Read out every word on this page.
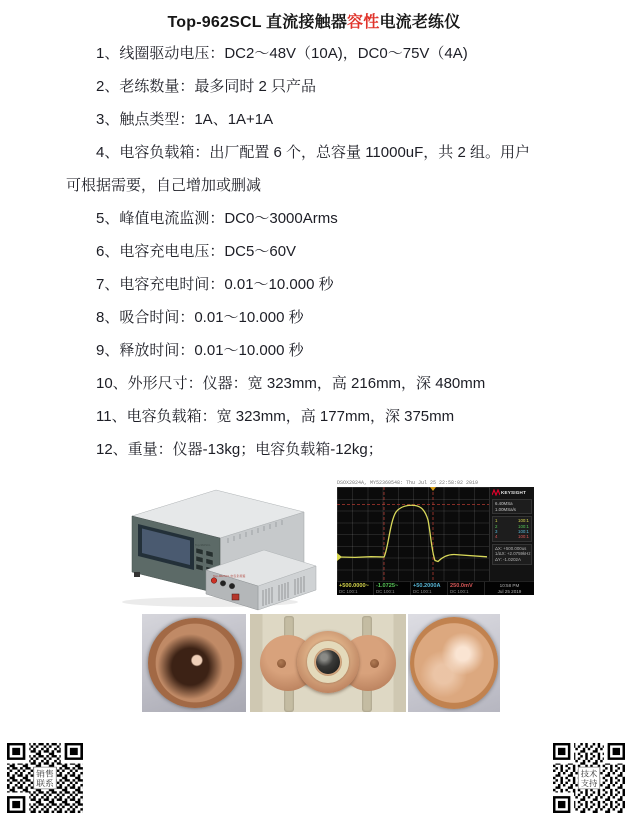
Top-962SCL 直流接触器容性电流老练仪

1、线圈驱动电压：DC2～48V（10A)，DC0～75V（4A)

2、老练数量：最多同时 2 只产品

3、触点类型：1A、1A+1A

4、电容负载箱：出厂配置 6 个，总容量 11000uF，共 2 组。用户

可根据需要，自己增加或删减

5、峰值电流监测：DC0～3000Arms

6、电容充电电压：DC5～60V

7、电容充电时间：0.01～10.000 秒

8、吸合时间：0.01～10.000 秒

9、释放时间：0.01～10.000 秒

10、外形尺寸：仪器：宽 323mm，高 216mm，深 480mm

11、电容负载箱：宽 323mm，高 177mm，深 375mm

12、重量：仪器-13kg；电容负载箱-12kg；

Top-962SCL
Top-962SCL 电容负载箱
DSOX2024A, MY52360548: Thu Jul 25 22:58:02 2019
KEYSIGHT
6.40MSa
1.00MSa/s
1	100:1
2	100:1
3	100:1
4	100:1
ΔX: +500.000us
1/ΔX: +2.0759kHz
ΔY: -1.0202A
+500.0000~
DC 100:1
-1.0725~
DC 100:1
+50.2000A
DC 100:1
250.0mV
DC 100:1
10:58 PM
Jul 25 2019
销售
联系
技术
支持
